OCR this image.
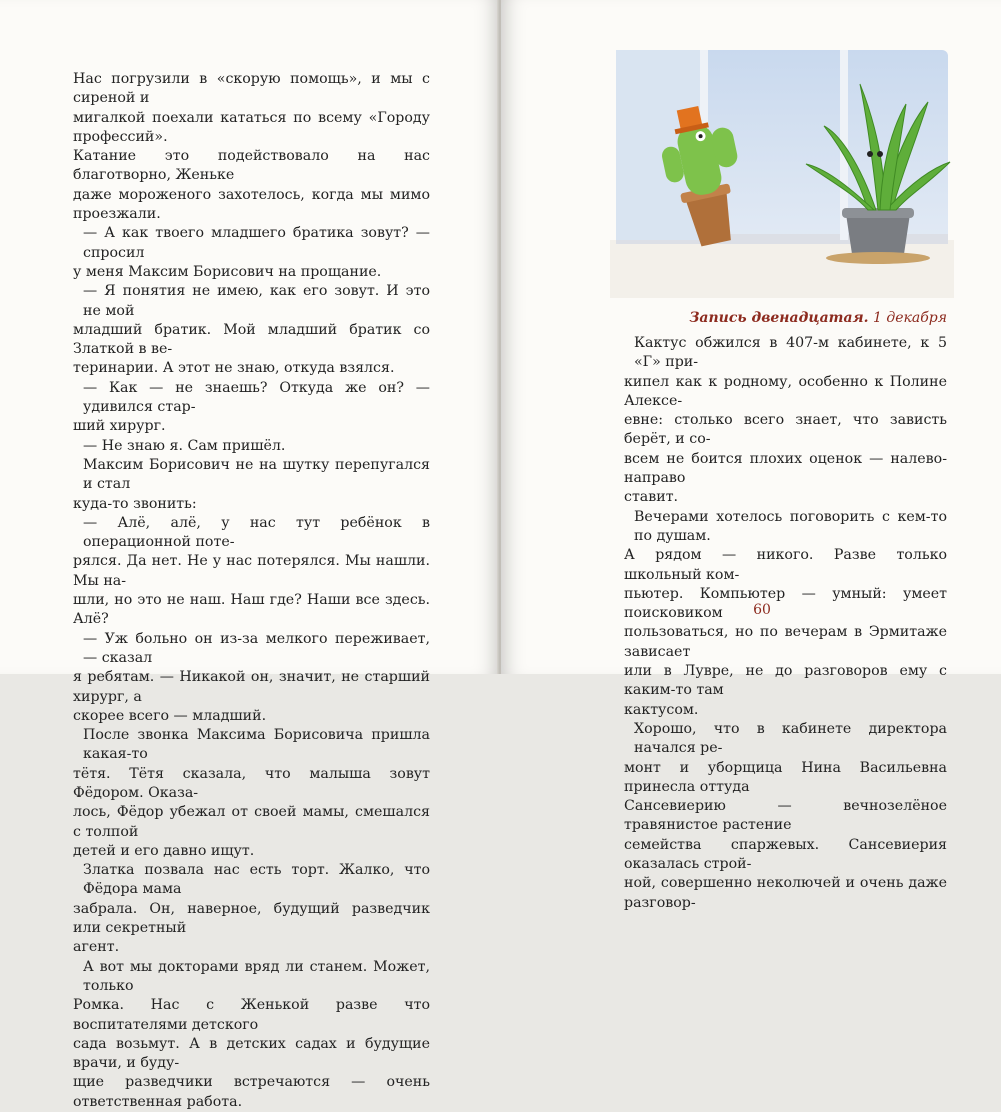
Нас погрузили в «скорую помощь», и мы с сиреной и

мигалкой поехали кататься по всему «Городу профессий».

Катание это подействовало на нас благотворно, Женьке

даже мороженого захотелось, когда мы мимо проезжали.

— А как твоего младшего братика зовут? — спросил

у меня Максим Борисович на прощание.

— Я понятия не имею, как его зовут. И это не мой

младший братик. Мой младший братик со Златкой в ве-

теринарии. А этот не знаю, откуда взялся.

— Как — не знаешь? Откуда же он? — удивился стар-

ший хирург.

— Не знаю я. Сам пришёл.

Максим Борисович не на шутку перепугался и стал

куда-то звонить:

— Алё, алё, у нас тут ребёнок в операционной поте-

рялся. Да нет. Не у нас потерялся. Мы нашли. Мы на-

шли, но это не наш. Наш где? Наши все здесь. Алё?

— Уж больно он из-за мелкого переживает, — сказал

я ребятам. — Никакой он, значит, не старший хирург, а

скорее всего — младший.

После звонка Максима Борисовича пришла какая-то

тётя. Тётя сказала, что малыша зовут Фёдором. Оказа-

лось, Фёдор убежал от своей мамы, смешался с толпой

детей и его давно ищут.

Златка позвала нас есть торт. Жалко, что Фёдора мама

забрала. Он, наверное, будущий разведчик или секретный

агент.

А вот мы докторами вряд ли станем. Может, только

Ромка. Нас с Женькой разве что воспитателями детского

сада возьмут. А в детских садах и будущие врачи, и буду-

щие разведчики встречаются — очень ответственная работа.

Запись двенадцатая. 1 декабря

Кактус обжился в 407-м кабинете, к 5 «Г» при-

кипел как к родному, особенно к Полине Алексе-

евне: столько всего знает, что зависть берёт, и со-

всем не боится плохих оценок — налево-направо

ставит.

Вечерами хотелось поговорить с кем-то по душам.

А рядом — никого. Разве только школьный ком-

пьютер. Компьютер — умный: умеет поисковиком

пользоваться, но по вечерам в Эрмитаже зависает

или в Лувре, не до разговоров ему с каким-то там

кактусом.

Хорошо, что в кабинете директора начался ре-

монт и уборщица Нина Васильевна принесла оттуда

Сансевиерию — вечнозелёное травянистое растение

семейства спаржевых. Сансевиерия оказалась строй-

ной, совершенно неколючей и очень даже разговор-

60
